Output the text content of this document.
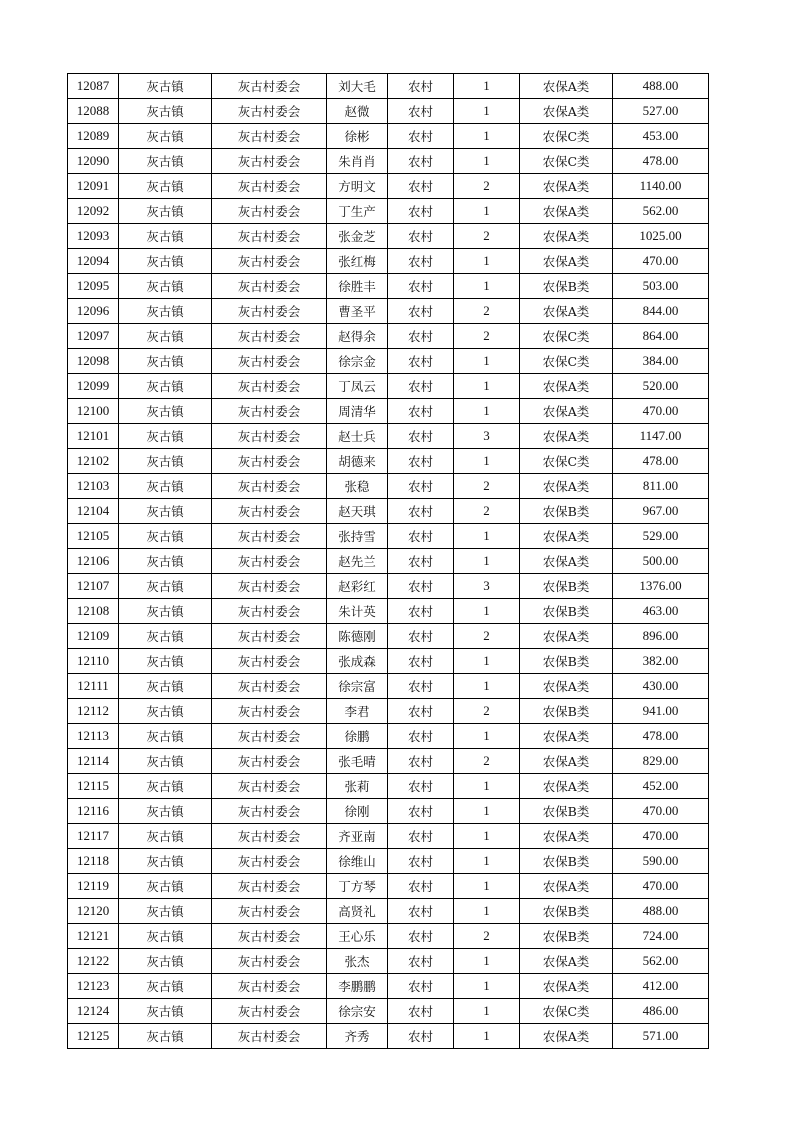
12087	灰古镇	灰古村委会	刘大毛	农村	1	农保A类	488.00
12088	灰古镇	灰古村委会	赵微	农村	1	农保A类	527.00
12089	灰古镇	灰古村委会	徐彬	农村	1	农保C类	453.00
12090	灰古镇	灰古村委会	朱肖肖	农村	1	农保C类	478.00
12091	灰古镇	灰古村委会	方明文	农村	2	农保A类	1140.00
12092	灰古镇	灰古村委会	丁生产	农村	1	农保A类	562.00
12093	灰古镇	灰古村委会	张金芝	农村	2	农保A类	1025.00
12094	灰古镇	灰古村委会	张红梅	农村	1	农保A类	470.00
12095	灰古镇	灰古村委会	徐胜丰	农村	1	农保B类	503.00
12096	灰古镇	灰古村委会	曹圣平	农村	2	农保A类	844.00
12097	灰古镇	灰古村委会	赵得余	农村	2	农保C类	864.00
12098	灰古镇	灰古村委会	徐宗金	农村	1	农保C类	384.00
12099	灰古镇	灰古村委会	丁凤云	农村	1	农保A类	520.00
12100	灰古镇	灰古村委会	周清华	农村	1	农保A类	470.00
12101	灰古镇	灰古村委会	赵士兵	农村	3	农保A类	1147.00
12102	灰古镇	灰古村委会	胡德来	农村	1	农保C类	478.00
12103	灰古镇	灰古村委会	张稳	农村	2	农保A类	811.00
12104	灰古镇	灰古村委会	赵天琪	农村	2	农保B类	967.00
12105	灰古镇	灰古村委会	张持雪	农村	1	农保A类	529.00
12106	灰古镇	灰古村委会	赵先兰	农村	1	农保A类	500.00
12107	灰古镇	灰古村委会	赵彩红	农村	3	农保B类	1376.00
12108	灰古镇	灰古村委会	朱计英	农村	1	农保B类	463.00
12109	灰古镇	灰古村委会	陈德刚	农村	2	农保A类	896.00
12110	灰古镇	灰古村委会	张成森	农村	1	农保B类	382.00
12111	灰古镇	灰古村委会	徐宗富	农村	1	农保A类	430.00
12112	灰古镇	灰古村委会	李君	农村	2	农保B类	941.00
12113	灰古镇	灰古村委会	徐鹏	农村	1	农保A类	478.00
12114	灰古镇	灰古村委会	张毛晴	农村	2	农保A类	829.00
12115	灰古镇	灰古村委会	张莉	农村	1	农保A类	452.00
12116	灰古镇	灰古村委会	徐刚	农村	1	农保B类	470.00
12117	灰古镇	灰古村委会	齐亚南	农村	1	农保A类	470.00
12118	灰古镇	灰古村委会	徐维山	农村	1	农保B类	590.00
12119	灰古镇	灰古村委会	丁方琴	农村	1	农保A类	470.00
12120	灰古镇	灰古村委会	高贤礼	农村	1	农保B类	488.00
12121	灰古镇	灰古村委会	王心乐	农村	2	农保B类	724.00
12122	灰古镇	灰古村委会	张杰	农村	1	农保A类	562.00
12123	灰古镇	灰古村委会	李鹏鹏	农村	1	农保A类	412.00
12124	灰古镇	灰古村委会	徐宗安	农村	1	农保C类	486.00
12125	灰古镇	灰古村委会	齐秀	农村	1	农保A类	571.00
